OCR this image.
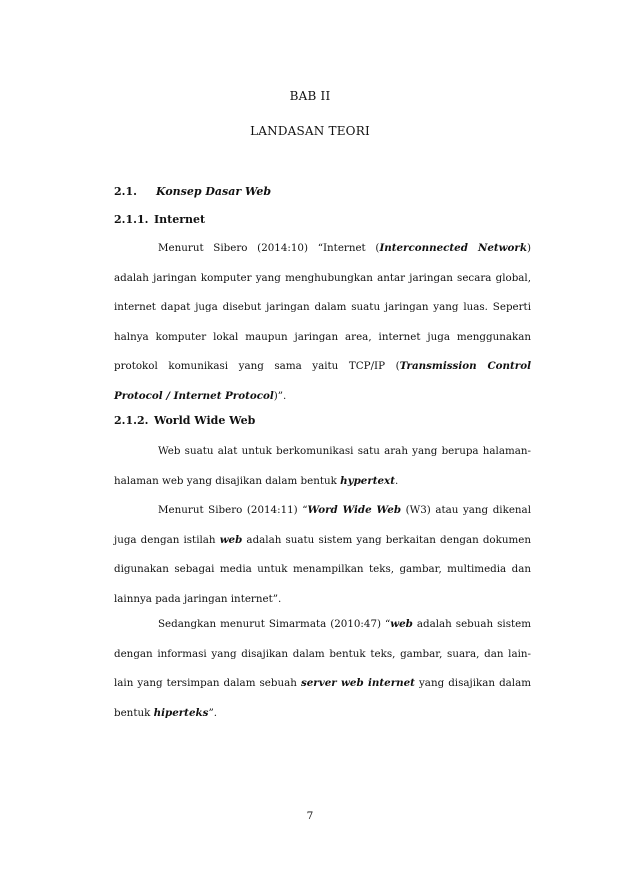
BAB II
LANDASAN TEORI
2.1. Konsep Dasar Web
2.1.1. Internet

Menurut Sibero (2014:10) “Internet (Interconnected Network) adalah jaringan komputer yang menghubungkan antar jaringan secara global, internet dapat juga disebut jaringan dalam suatu jaringan yang luas. Seperti halnya komputer lokal maupun jaringan area, internet juga menggunakan protokol komunikasi yang sama yaitu TCP/IP (Transmission Control Protocol / Internet Protocol)”.

2.1.2. World Wide Web

Web suatu alat untuk berkomunikasi satu arah yang berupa halaman-halaman web yang disajikan dalam bentuk hypertext.

Menurut Sibero (2014:11) “Word Wide Web (W3) atau yang dikenal juga dengan istilah web adalah suatu sistem yang berkaitan dengan dokumen digunakan sebagai media untuk menampilkan teks, gambar, multimedia dan lainnya pada jaringan internet”.

Sedangkan menurut Simarmata (2010:47) “web adalah sebuah sistem dengan informasi yang disajikan dalam bentuk teks, gambar, suara, dan lain-lain yang tersimpan dalam sebuah server web internet yang disajikan dalam bentuk hiperteks”.

7
